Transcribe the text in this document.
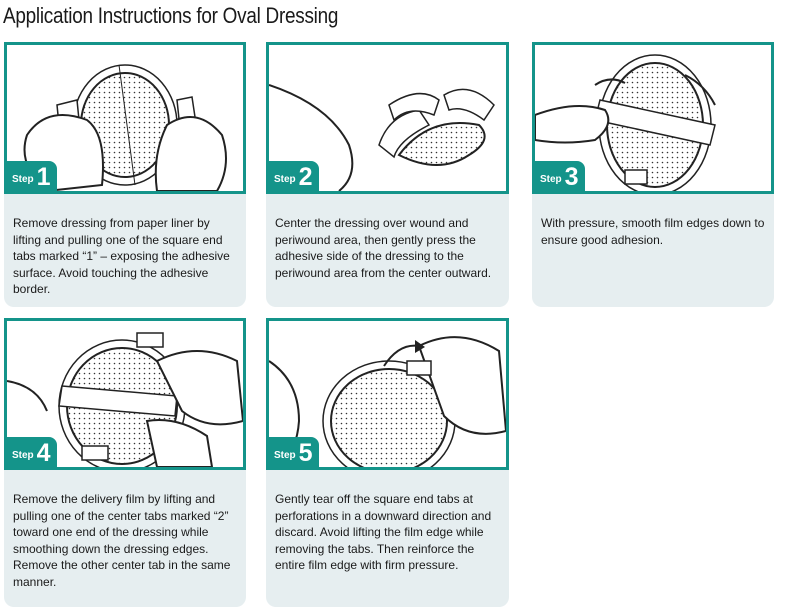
Application Instructions for Oval Dressing
Step 1
Remove dressing from paper liner by lifting and pulling one of the square end tabs marked “1” – exposing the adhesive surface. Avoid touching the adhesive border.
Step 2
Center the dressing over wound and periwound area, then gently press the adhesive side of the dressing to the periwound area from the center outward.
Step 3
With pressure, smooth film edges down to ensure good adhesion.
Step 4
Remove the delivery film by lifting and pulling one of the center tabs marked “2” toward one end of the dressing while smoothing down the dressing edges. Remove the other center tab in the same manner.
Step 5
Gently tear off the square end tabs at perforations in a downward direction and discard. Avoid lifting the film edge while removing the tabs. Then reinforce the entire film edge with firm pressure.
